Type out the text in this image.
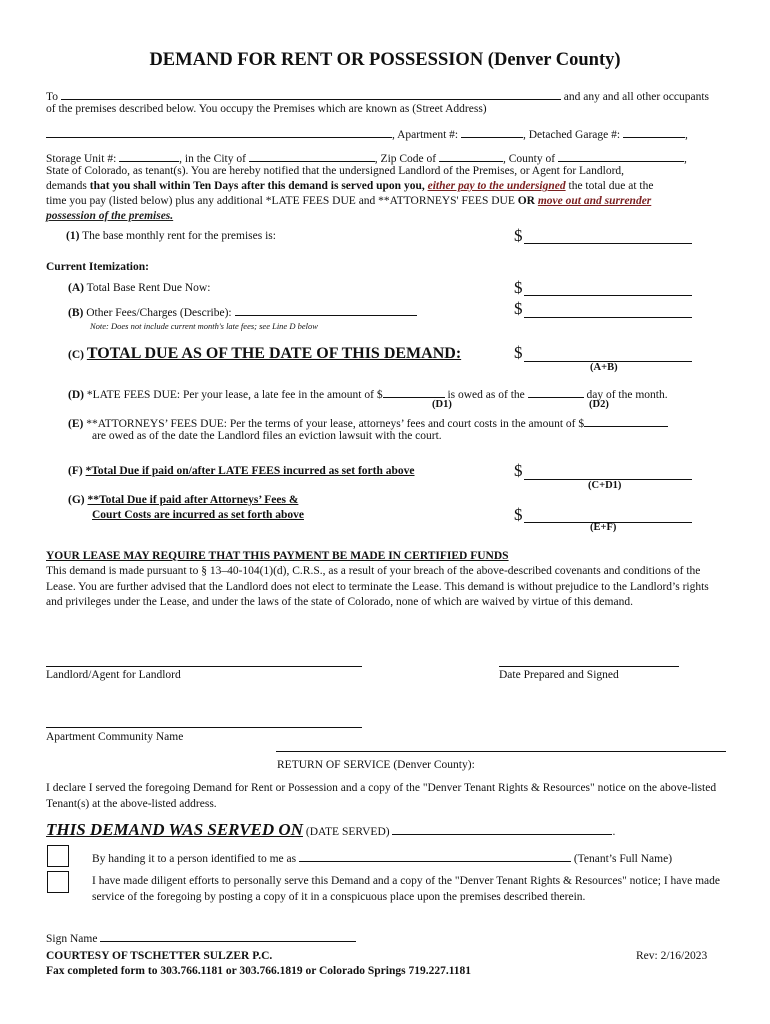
DEMAND FOR RENT OR POSSESSION (Denver County)
To	and any and all other occupants
of the premises described below. You occupy the Premises which are known as (Street Address)
, Apartment #:	, Detached Garage #:	,
Storage Unit #:	, in the City of	, Zip Code of	, County of	,
State of Colorado, as tenant(s). You are hereby notified that the undersigned Landlord of the Premises, or Agent for Landlord,
demands that you shall within Ten Days after this demand is served upon you, either pay to the undersigned the total due at the
time you pay (listed below) plus any additional *LATE FEES DUE and **ATTORNEYS' FEES DUE OR move out and surrender
possession of the premises.
(1) The base monthly rent for the premises is:	$
Current Itemization:
(A) Total Base Rent Due Now:	$
(B) Other Fees/Charges (Describe):	$
Note: Does not include current month's late fees; see Line D below
(C) TOTAL DUE AS OF THE DATE OF THIS DEMAND:	$
(A+B)
(D) *LATE FEES DUE: Per your lease, a late fee in the amount of $	is owed as of the	day of the month.
(D1)	(D2)
(E) **ATTORNEYS’ FEES DUE: Per the terms of your lease, attorneys’ fees and court costs in the amount of $
are owed as of the date the Landlord files an eviction lawsuit with the court.
(F) *Total Due if paid on/after LATE FEES incurred as set forth above	$
(C+D1)
(G) **Total Due if paid after Attorneys’ Fees &
Court Costs are incurred as set forth above	$
(E+F)
YOUR LEASE MAY REQUIRE THAT THIS PAYMENT BE MADE IN CERTIFIED FUNDS
This demand is made pursuant to § 13–40-104(1)(d), C.R.S., as a result of your breach of the above-described covenants and conditions of the Lease. You are further advised that the Landlord does not elect to terminate the Lease. This demand is without prejudice to the Landlord’s rights and privileges under the Lease, and under the laws of the state of Colorado, none of which are waived by virtue of this demand.
Landlord/Agent for Landlord	Date Prepared and Signed
Apartment Community Name
RETURN OF SERVICE (Denver County):
I declare I served the foregoing Demand for Rent or Possession and a copy of the "Denver Tenant Rights & Resources" notice on the above-listed Tenant(s) at the above-listed address.
THIS DEMAND WAS SERVED ON (DATE SERVED)	.
By handing it to a person identified to me as	(Tenant’s Full Name)
I have made diligent efforts to personally serve this Demand and a copy of the "Denver Tenant Rights & Resources" notice; I have made service of the foregoing by posting a copy of it in a conspicuous place upon the premises described therein.
Sign Name
COURTESY OF TSCHETTER SULZER P.C.	Rev: 2/16/2023
Fax completed form to 303.766.1181 or 303.766.1819 or Colorado Springs 719.227.1181
